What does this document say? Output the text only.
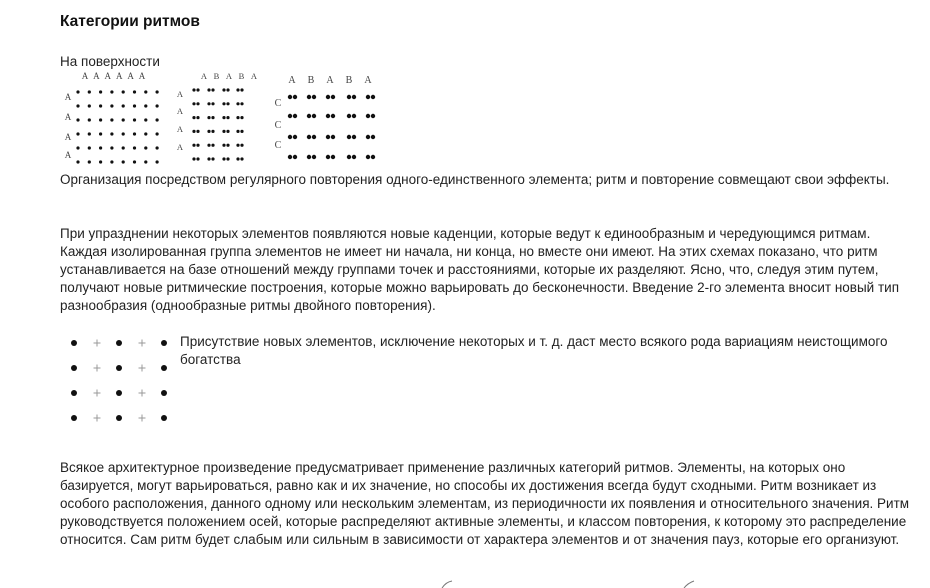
Категории ритмов

На поверхности

A A A A A A
A
A
A
A
A B A B A
A
A
A
A
A B A B A
C
C
C

Организация посредством регулярного повторения одного-единственного элемента; ритм и повторение совмещают свои эффекты.

При упразднении некоторых элементов появляются новые каденции, которые ведут к единообразным и чередующимся ритмам. Каждая изолированная группа элементов не имеет ни начала, ни конца, но вместе они имеют. На этих схемах показано, что ритм устанавливается на базе отношений между группами точек и расстояниями, которые их разделяют. Ясно, что, следуя этим путем, получают новые ритмические построения, которые можно варьировать до бесконечности. Введение 2-го элемента вносит новый тип разнообразия (однообразные ритмы двойного повторения).

Присутствие новых элементов, исключение некоторых и т. д. даст место всякого рода вариациям неистощимого богатства

Всякое архитектурное произведение предусматривает применение различных категорий ритмов. Элементы, на которых оно базируется, могут варьироваться, равно как и их значение, но способы их достижения всегда будут сходными. Ритм возникает из особого расположения, данного одному или нескольким элементам, из периодичности их появления и относительного значения. Ритм руководствуется положением осей, которые распределяют активные элементы, и классом повторения, к которому это распределение относится. Сам ритм будет слабым или сильным в зависимости от характера элементов и от значения пауз, которые его организуют.
